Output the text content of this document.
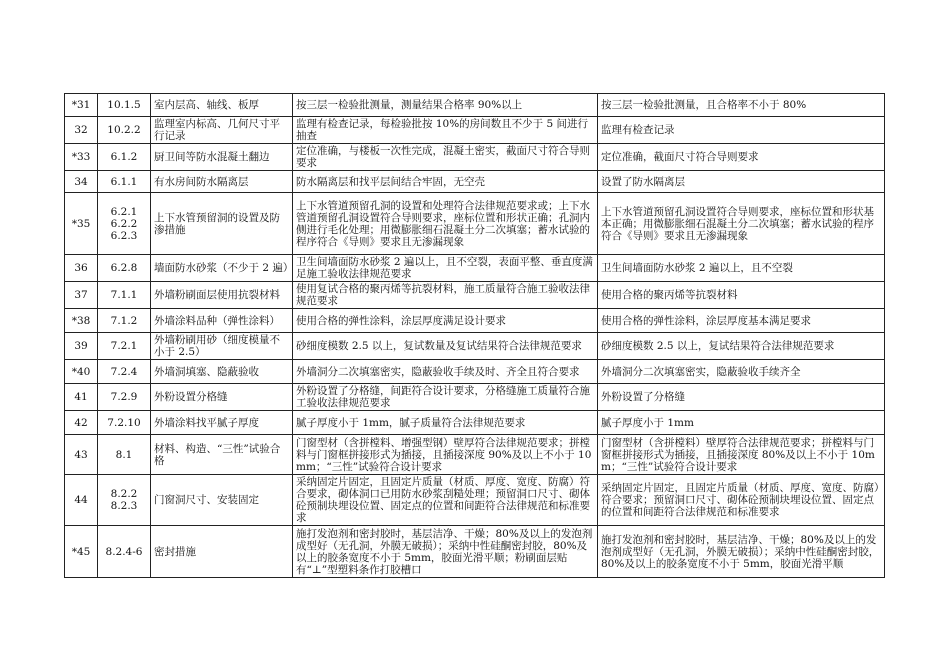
*31	10.1.5	室内层高、轴线、板厚	按三层一检验批测量，测量结果合格率 90%以上	按三层一检验批测量，且合格率不小于 80%
32	10.2.2	监理室内标高、几何尺寸平行记录	监理有检查记录，每检验批按 10%的房间数且不少于 5 间进行抽查	监理有检查记录
*33	6.1.2	厨卫间等防水混凝土翻边	定位准确，与楼板一次性完成，混凝土密实，截面尺寸符合导则要求	定位准确，截面尺寸符合导则要求
34	6.1.1	有水房间防水隔离层	防水隔离层和找平层间结合牢固，无空壳	设置了防水隔离层
*35	6.2.1
6.2.2
6.2.3	上下水管预留洞的设置及防渗措施	上下水管道预留孔洞的设置和处理符合法律规范要求或；上下水管道预留孔洞设置符合导则要求，座标位置和形状正确；孔洞内侧进行毛化处理；用微膨胀细石混凝土分二次填塞；蓄水试验的程序符合《导则》要求且无渗漏现象	上下水管道预留孔洞设置符合导则要求，座标位置和形状基本正确；用微膨胀细石混凝土分二次填塞；蓄水试验的程序符合《导则》要求且无渗漏现象
36	6.2.8	墙面防水砂浆（不少于 2 遍）	卫生间墙面防水砂浆 2 遍以上，且不空裂，表面平整、垂直度满足施工验收法律规范要求	卫生间墙面防水砂浆 2 遍以上，且不空裂
37	7.1.1	外墙粉刷面层使用抗裂材料	使用复试合格的聚丙烯等抗裂材料，施工质量符合施工验收法律规范要求	使用合格的聚丙烯等抗裂材料
*38	7.1.2	外墙涂料品种（弹性涂料）	使用合格的弹性涂料，涂层厚度满足设计要求	使用合格的弹性涂料，涂层厚度基本满足要求
39	7.2.1	外墙粉刷用砂（细度模量不小于 2.5）	砂细度模数 2.5 以上，复试数量及复试结果符合法律规范要求	砂细度模数 2.5 以上，复试结果符合法律规范要求
*40	7.2.4	外墙洞填塞、隐蔽验收	外墙洞分二次填塞密实，隐蔽验收手续及时、齐全且符合要求	外墙洞分二次填塞密实，隐蔽验收手续齐全
41	7.2.9	外粉设置分格缝	外粉设置了分格缝，间距符合设计要求，分格缝施工质量符合施工验收法律规范要求	外粉设置了分格缝
42	7.2.10	外墙涂料找平腻子厚度	腻子厚度小于 1mm，腻子质量符合法律规范要求	腻子厚度小于 1mm
43	8.1	材料、构造、“三性”试验合格	门窗型材（含拼樘料、增强型钢）壁厚符合法律规范要求；拼樘料与门窗框拼接形式为插接，且插接深度 90%及以上不小于 10mm；“三性”试验符合设计要求	门窗型材（含拼樘料）壁厚符合法律规范要求；拼樘料与门窗框拼接形式为插接，且插接深度 80%及以上不小于 10mm；“三性”试验符合设计要求
44	8.2.2
8.2.3	门窗洞尺寸、安装固定	采纳固定片固定，且固定片质量（材质、厚度、宽度、防腐）符合要求，砌体洞口已用防水砂浆刮糙处理；预留洞口尺寸、砌体砼预制块埋设位置、固定点的位置和间距符合法律规范和标准要求	采纳固定片固定，且固定片质量（材质、厚度、宽度、防腐）符合要求；预留洞口尺寸、砌体砼预制块埋设位置、固定点的位置和间距符合法律规范和标准要求
*45	8.2.4-6	密封措施	施打发泡剂和密封胶时，基层洁净、干燥；80%及以上的发泡剂成型好（无孔洞，外膜无破损）；采纳中性硅酮密封胶，80%及以上的胶条宽度不小于 5mm，胶面光滑平顺；粉刷面层贴有“⊥”型塑料条作打胶槽口	施打发泡剂和密封胶时，基层洁净、干燥；80%及以上的发泡剂成型好（无孔洞，外膜无破损）；采纳中性硅酮密封胶，80%及以上的胶条宽度不小于 5mm，胶面光滑平顺
